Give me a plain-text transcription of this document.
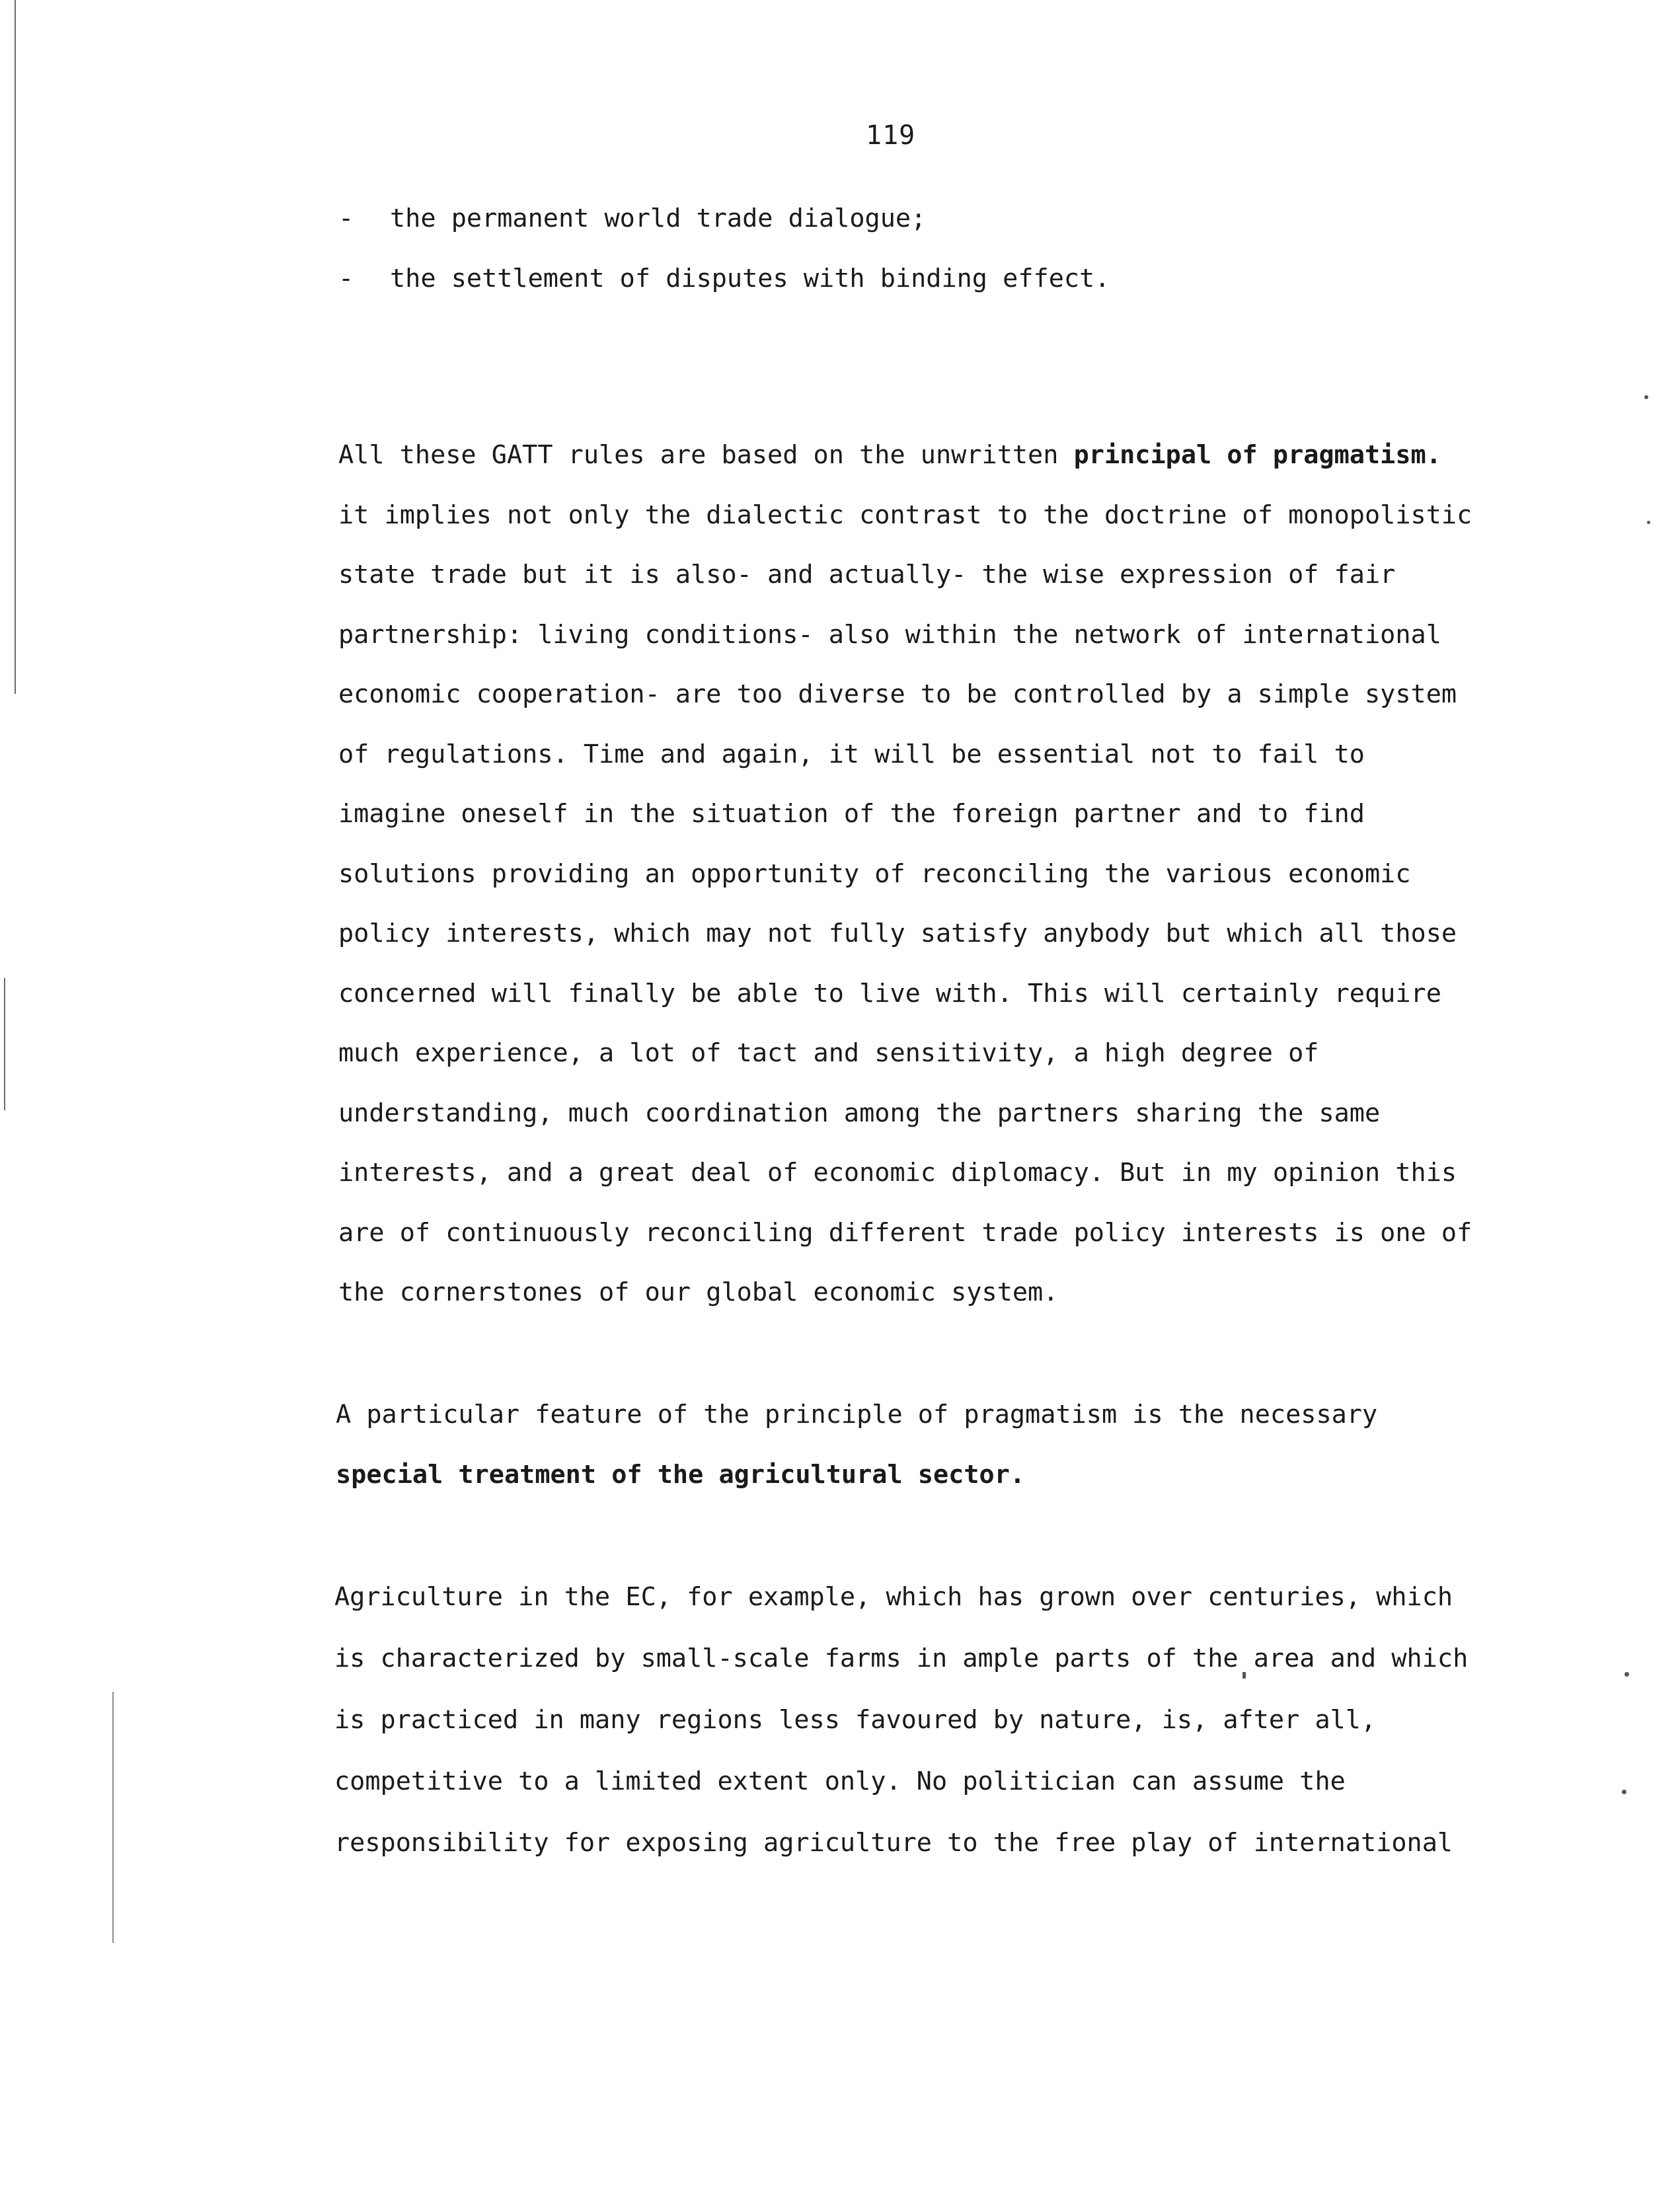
119
- the permanent world trade dialogue;
- the settlement of disputes with binding effect.
All these GATT rules are based on the unwritten principal of pragmatism.
it implies not only the dialectic contrast to the doctrine of monopolistic
state trade but it is also- and actually- the wise expression of fair
partnership: living conditions- also within the network of international
economic cooperation- are too diverse to be controlled by a simple system
of regulations. Time and again, it will be essential not to fail to
imagine oneself in the situation of the foreign partner and to find
solutions providing an opportunity of reconciling the various economic
policy interests, which may not fully satisfy anybody but which all those
concerned will finally be able to live with. This will certainly require
much experience, a lot of tact and sensitivity, a high degree of
understanding, much coordination among the partners sharing the same
interests, and a great deal of economic diplomacy. But in my opinion this
are of continuously reconciling different trade policy interests is one of
the cornerstones of our global economic system.
A particular feature of the principle of pragmatism is the necessary
special treatment of the agricultural sector.
Agriculture in the EC, for example, which has grown over centuries, which
is characterized by small-scale farms in ample parts of the area and which
is practiced in many regions less favoured by nature, is, after all,
competitive to a limited extent only. No politician can assume the
responsibility for exposing agriculture to the free play of international
